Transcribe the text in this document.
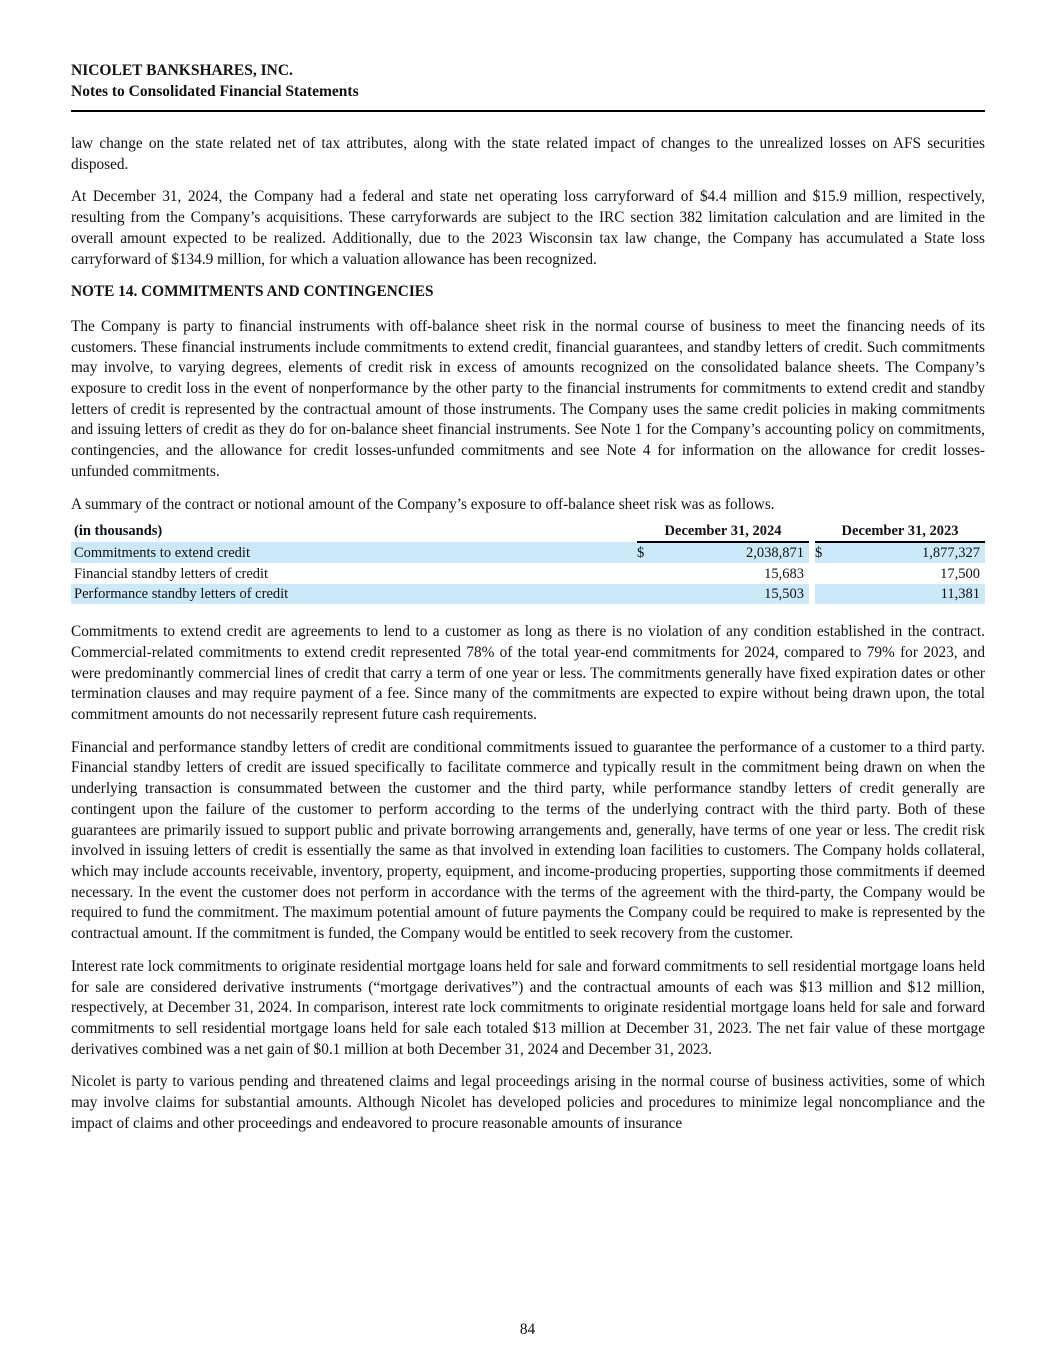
NICOLET BANKSHARES, INC.
Notes to Consolidated Financial Statements

law change on the state related net of tax attributes, along with the state related impact of changes to the unrealized losses on AFS securities disposed.

At December 31, 2024, the Company had a federal and state net operating loss carryforward of $4.4 million and $15.9 million, respectively, resulting from the Company’s acquisitions. These carryforwards are subject to the IRC section 382 limitation calculation and are limited in the overall amount expected to be realized. Additionally, due to the 2023 Wisconsin tax law change, the Company has accumulated a State loss carryforward of $134.9 million, for which a valuation allowance has been recognized.

NOTE 14. COMMITMENTS AND CONTINGENCIES

The Company is party to financial instruments with off-balance sheet risk in the normal course of business to meet the financing needs of its customers. These financial instruments include commitments to extend credit, financial guarantees, and standby letters of credit. Such commitments may involve, to varying degrees, elements of credit risk in excess of amounts recognized on the consolidated balance sheets. The Company’s exposure to credit loss in the event of nonperformance by the other party to the financial instruments for commitments to extend credit and standby letters of credit is represented by the contractual amount of those instruments. The Company uses the same credit policies in making commitments and issuing letters of credit as they do for on-balance sheet financial instruments. See Note 1 for the Company’s accounting policy on commitments, contingencies, and the allowance for credit losses-unfunded commitments and see Note 4 for information on the allowance for credit losses-unfunded commitments.

A summary of the contract or notional amount of the Company’s exposure to off-balance sheet risk was as follows.

(in thousands)	December 31, 2024			December 31, 2023	
Commitments to extend credit	$	2,038,871		$	1,877,327
Financial standby letters of credit		15,683			17,500
Performance standby letters of credit		15,503			11,381

Commitments to extend credit are agreements to lend to a customer as long as there is no violation of any condition established in the contract. Commercial-related commitments to extend credit represented 78% of the total year-end commitments for 2024, compared to 79% for 2023, and were predominantly commercial lines of credit that carry a term of one year or less. The commitments generally have fixed expiration dates or other termination clauses and may require payment of a fee. Since many of the commitments are expected to expire without being drawn upon, the total commitment amounts do not necessarily represent future cash requirements.

Financial and performance standby letters of credit are conditional commitments issued to guarantee the performance of a customer to a third party. Financial standby letters of credit are issued specifically to facilitate commerce and typically result in the commitment being drawn on when the underlying transaction is consummated between the customer and the third party, while performance standby letters of credit generally are contingent upon the failure of the customer to perform according to the terms of the underlying contract with the third party. Both of these guarantees are primarily issued to support public and private borrowing arrangements and, generally, have terms of one year or less. The credit risk involved in issuing letters of credit is essentially the same as that involved in extending loan facilities to customers. The Company holds collateral, which may include accounts receivable, inventory, property, equipment, and income-producing properties, supporting those commitments if deemed necessary. In the event the customer does not perform in accordance with the terms of the agreement with the third-party, the Company would be required to fund the commitment. The maximum potential amount of future payments the Company could be required to make is represented by the contractual amount. If the commitment is funded, the Company would be entitled to seek recovery from the customer.

Interest rate lock commitments to originate residential mortgage loans held for sale and forward commitments to sell residential mortgage loans held for sale are considered derivative instruments (“mortgage derivatives”) and the contractual amounts of each was $13 million and $12 million, respectively, at December 31, 2024. In comparison, interest rate lock commitments to originate residential mortgage loans held for sale and forward commitments to sell residential mortgage loans held for sale each totaled $13 million at December 31, 2023. The net fair value of these mortgage derivatives combined was a net gain of $0.1 million at both December 31, 2024 and December 31, 2023.

Nicolet is party to various pending and threatened claims and legal proceedings arising in the normal course of business activities, some of which may involve claims for substantial amounts. Although Nicolet has developed policies and procedures to minimize legal noncompliance and the impact of claims and other proceedings and endeavored to procure reasonable amounts of insurance

84
